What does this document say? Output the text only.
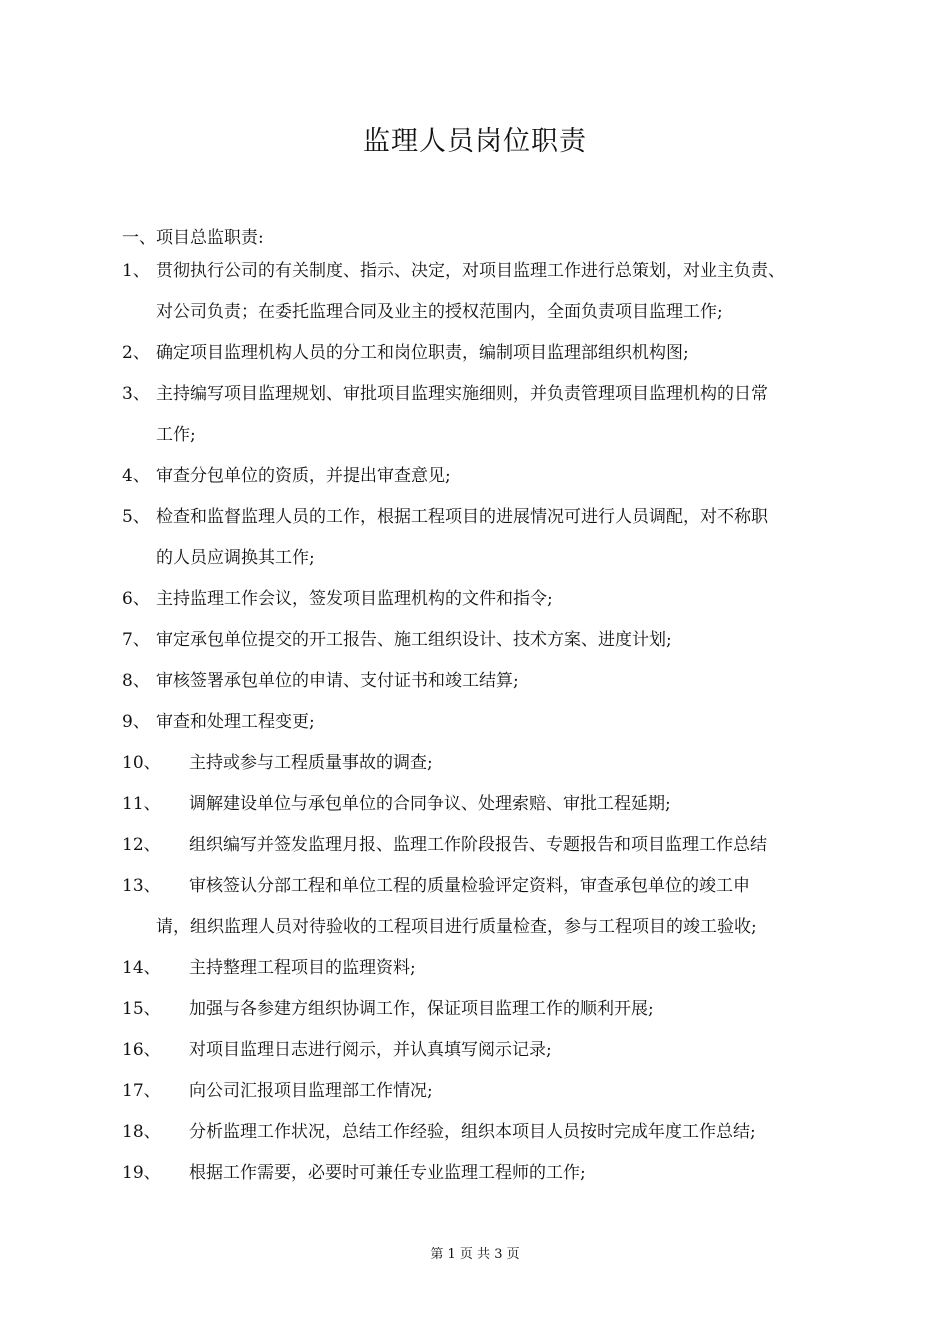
监理人员岗位职责
一、项目总监职责:
1、 贯彻执行公司的有关制度、指示、决定，对项目监理工作进行总策划，对业主负责、
对公司负责；在委托监理合同及业主的授权范围内，全面负责项目监理工作;
2、 确定项目监理机构人员的分工和岗位职责，编制项目监理部组织机构图;
3、 主持编写项目监理规划、审批项目监理实施细则，并负责管理项目监理机构的日常
工作;
4、 审查分包单位的资质，并提出审查意见;
5、 检查和监督监理人员的工作，根据工程项目的进展情况可进行人员调配，对不称职
的人员应调换其工作;
6、 主持监理工作会议，签发项目监理机构的文件和指令;
7、 审定承包单位提交的开工报告、施工组织设计、技术方案、进度计划;
8、 审核签署承包单位的申请、支付证书和竣工结算;
9、 审查和处理工程变更;
10、 主持或参与工程质量事故的调查;
11、 调解建设单位与承包单位的合同争议、处理索赔、审批工程延期;
12、 组织编写并签发监理月报、监理工作阶段报告、专题报告和项目监理工作总结
13、 审核签认分部工程和单位工程的质量检验评定资料，审查承包单位的竣工申
请，组织监理人员对待验收的工程项目进行质量检查，参与工程项目的竣工验收;
14、 主持整理工程项目的监理资料;
15、 加强与各参建方组织协调工作，保证项目监理工作的顺利开展;
16、 对项目监理日志进行阅示，并认真填写阅示记录;
17、 向公司汇报项目监理部工作情况;
18、 分析监理工作状况，总结工作经验，组织本项目人员按时完成年度工作总结;
19、 根据工作需要，必要时可兼任专业监理工程师的工作;
第 1 页 共 3 页
